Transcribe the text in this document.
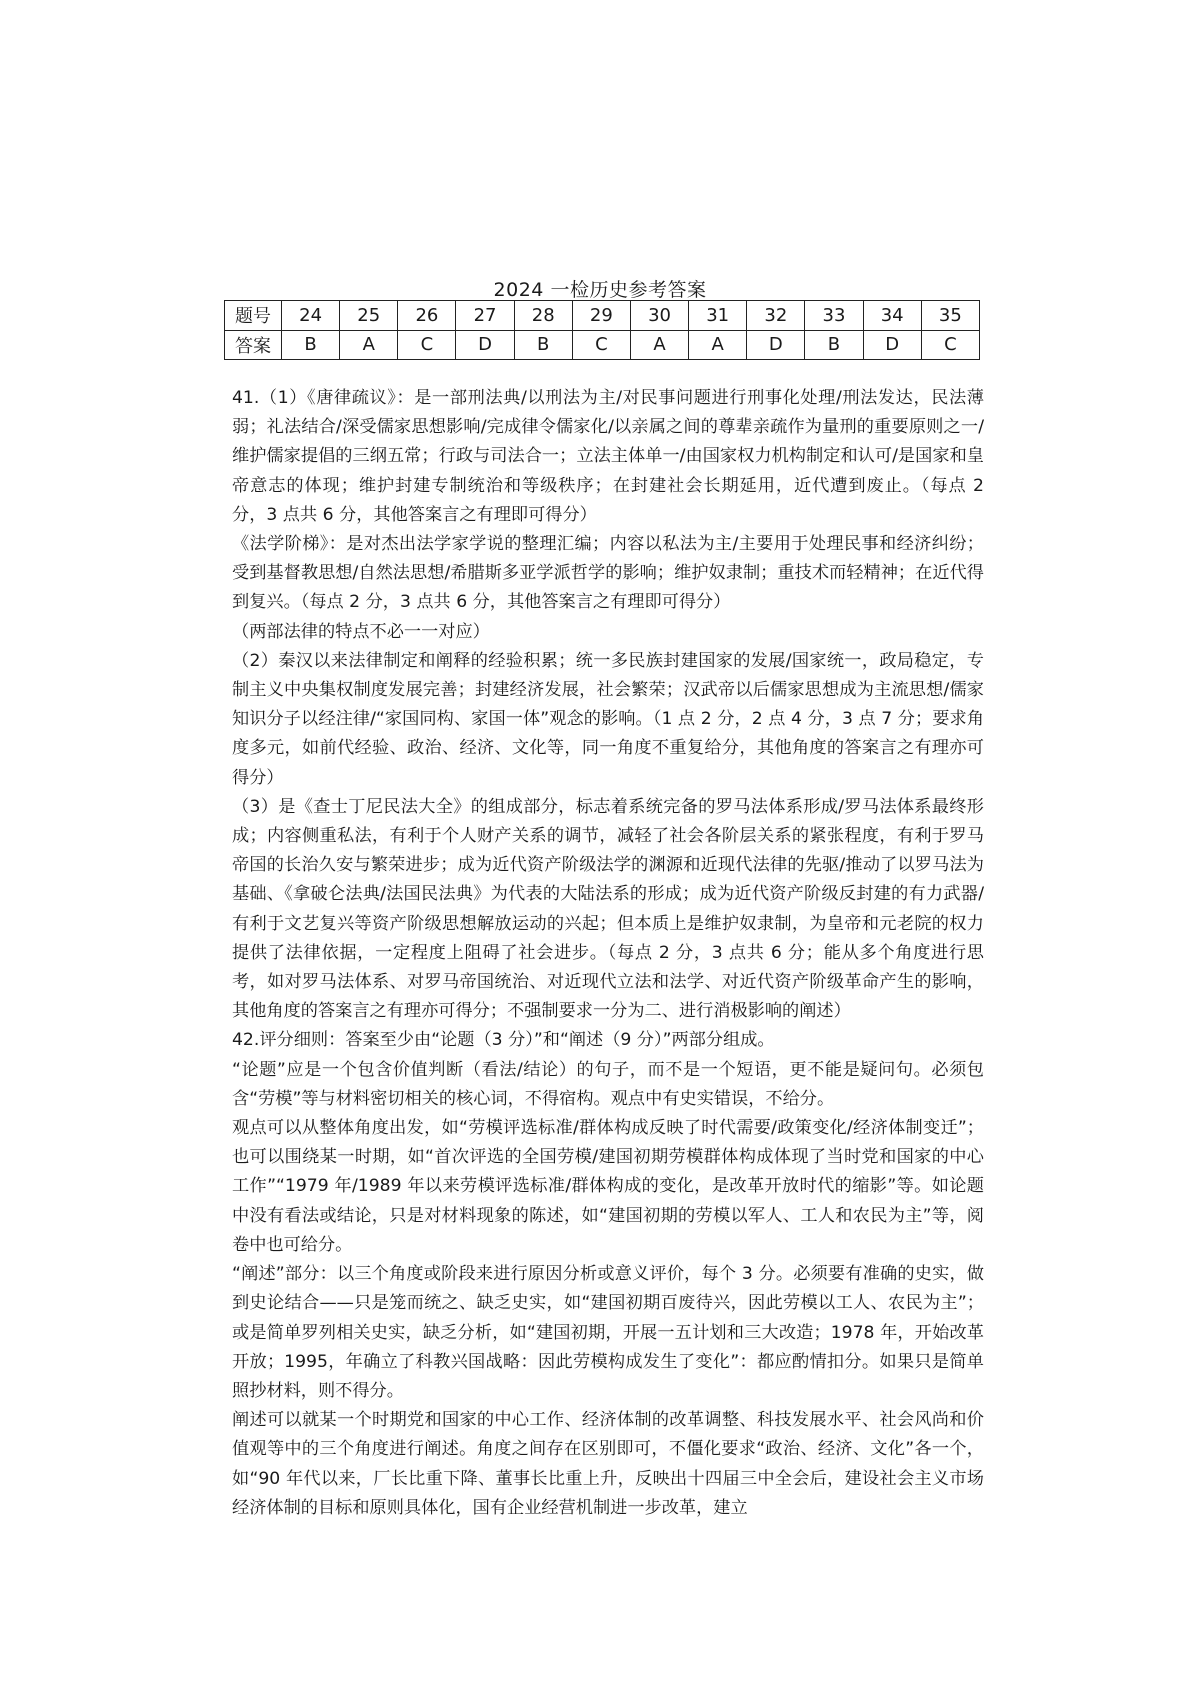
2024 一检历史参考答案
题号	24	25	26	27	28	29	30	31	32	33	34	35
答案	B	A	C	D	B	C	A	A	D	B	D	C

41.（1）《唐律疏议》：是一部刑法典/以刑法为主/对民事问题进行刑事化处理/刑法发达，民法薄弱；礼法结合/深受儒家思想影响/完成律令儒家化/以亲属之间的尊辈亲疏作为量刑的重要原则之一/维护儒家提倡的三纲五常；行政与司法合一；立法主体单一/由国家权力机构制定和认可/是国家和皇帝意志的体现；维护封建专制统治和等级秩序；在封建社会长期延用，近代遭到废止。（每点 2 分，3 点共 6 分，其他答案言之有理即可得分）

《法学阶梯》：是对杰出法学家学说的整理汇编；内容以私法为主/主要用于处理民事和经济纠纷；受到基督教思想/自然法思想/希腊斯多亚学派哲学的影响；维护奴隶制；重技术而轻精神；在近代得到复兴。（每点 2 分，3 点共 6 分，其他答案言之有理即可得分）

（两部法律的特点不必一一对应）

（2）秦汉以来法律制定和阐释的经验积累；统一多民族封建国家的发展/国家统一，政局稳定，专制主义中央集权制度发展完善；封建经济发展，社会繁荣；汉武帝以后儒家思想成为主流思想/儒家知识分子以经注律/“家国同构、家国一体”观念的影响。（1 点 2 分，2 点 4 分，3 点 7 分；要求角度多元，如前代经验、政治、经济、文化等，同一角度不重复给分，其他角度的答案言之有理亦可得分）

（3）是《查士丁尼民法大全》的组成部分，标志着系统完备的罗马法体系形成/罗马法体系最终形成；内容侧重私法，有利于个人财产关系的调节，减轻了社会各阶层关系的紧张程度，有利于罗马帝国的长治久安与繁荣进步；成为近代资产阶级法学的渊源和近现代法律的先驱/推动了以罗马法为基础、《拿破仑法典/法国民法典》为代表的大陆法系的形成；成为近代资产阶级反封建的有力武器/有利于文艺复兴等资产阶级思想解放运动的兴起；但本质上是维护奴隶制，为皇帝和元老院的权力提供了法律依据，一定程度上阻碍了社会进步。（每点 2 分，3 点共 6 分；能从多个角度进行思考，如对罗马法体系、对罗马帝国统治、对近现代立法和法学、对近代资产阶级革命产生的影响，其他角度的答案言之有理亦可得分；不强制要求一分为二、进行消极影响的阐述）

42.评分细则：答案至少由“论题（3 分）”和“阐述（9 分）”两部分组成。

“论题”应是一个包含价值判断（看法/结论）的句子，而不是一个短语，更不能是疑问句。必须包含“劳模”等与材料密切相关的核心词，不得宿构。观点中有史实错误，不给分。

观点可以从整体角度出发，如“劳模评选标准/群体构成反映了时代需要/政策变化/经济体制变迁”；也可以围绕某一时期，如“首次评选的全国劳模/建国初期劳模群体构成体现了当时党和国家的中心工作”“1979 年/1989 年以来劳模评选标准/群体构成的变化，是改革开放时代的缩影”等。如论题中没有看法或结论，只是对材料现象的陈述，如“建国初期的劳模以军人、工人和农民为主”等，阅卷中也可给分。

“阐述”部分：以三个角度或阶段来进行原因分析或意义评价，每个 3 分。必须要有准确的史实，做到史论结合——只是笼而统之、缺乏史实，如“建国初期百废待兴，因此劳模以工人、农民为主”；或是简单罗列相关史实，缺乏分析，如“建国初期，开展一五计划和三大改造；1978 年，开始改革开放；1995，年确立了科教兴国战略：因此劳模构成发生了变化”：都应酌情扣分。如果只是简单照抄材料，则不得分。

阐述可以就某一个时期党和国家的中心工作、经济体制的改革调整、科技发展水平、社会风尚和价值观等中的三个角度进行阐述。角度之间存在区别即可，不僵化要求“政治、经济、文化”各一个，如“90 年代以来，厂长比重下降、董事长比重上升，反映出十四届三中全会后，建设社会主义市场经济体制的目标和原则具体化，国有企业经营机制进一步改革，建立
